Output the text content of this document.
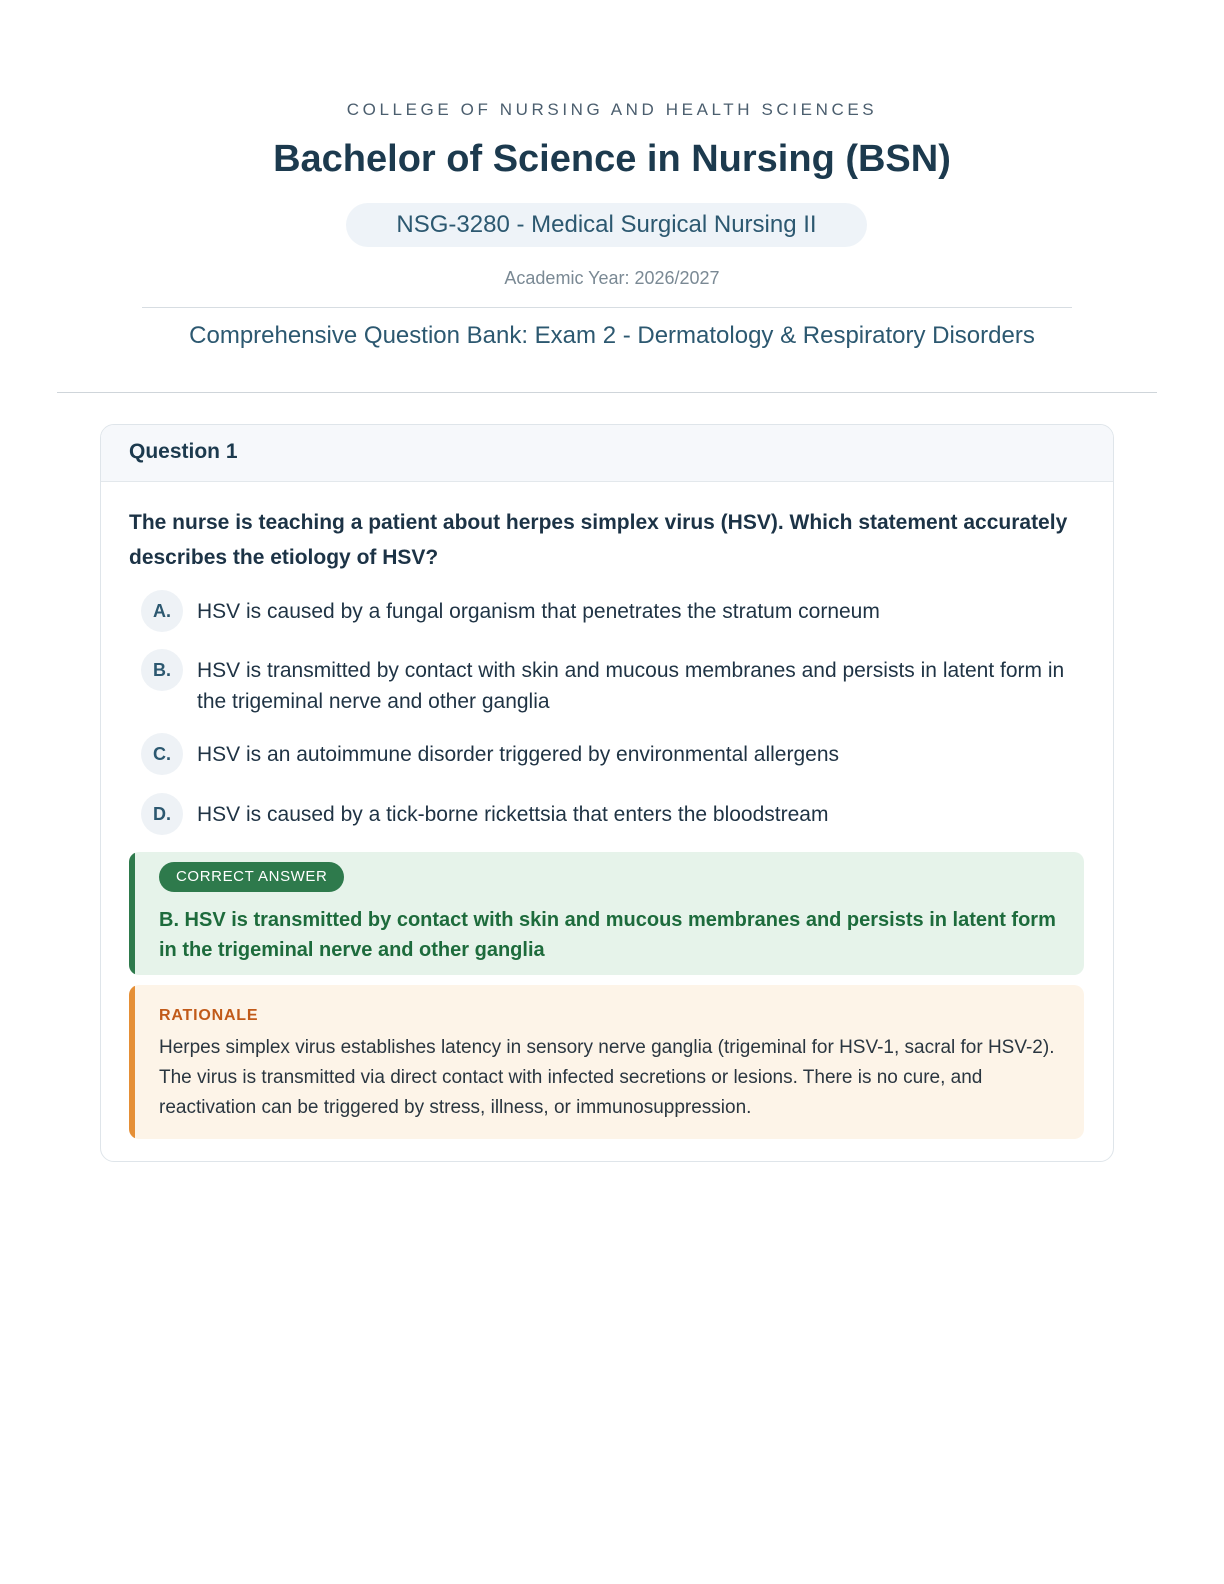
COLLEGE OF NURSING AND HEALTH SCIENCES
Bachelor of Science in Nursing (BSN)
NSG-3280 - Medical Surgical Nursing II
Academic Year: 2026/2027
Comprehensive Question Bank: Exam 2 - Dermatology & Respiratory Disorders
Question 1
The nurse is teaching a patient about herpes simplex virus (HSV). Which statement accurately describes the etiology of HSV?
A.	HSV is caused by a fungal organism that penetrates the stratum corneum
B.	HSV is transmitted by contact with skin and mucous membranes and persists in latent form in the trigeminal nerve and other ganglia
C.	HSV is an autoimmune disorder triggered by environmental allergens
D.	HSV is caused by a tick-borne rickettsia that enters the bloodstream
CORRECT ANSWER
B. HSV is transmitted by contact with skin and mucous membranes and persists in latent form in the trigeminal nerve and other ganglia
RATIONALE
Herpes simplex virus establishes latency in sensory nerve ganglia (trigeminal for HSV-1, sacral for HSV-2). The virus is transmitted via direct contact with infected secretions or lesions. There is no cure, and reactivation can be triggered by stress, illness, or immunosuppression.
